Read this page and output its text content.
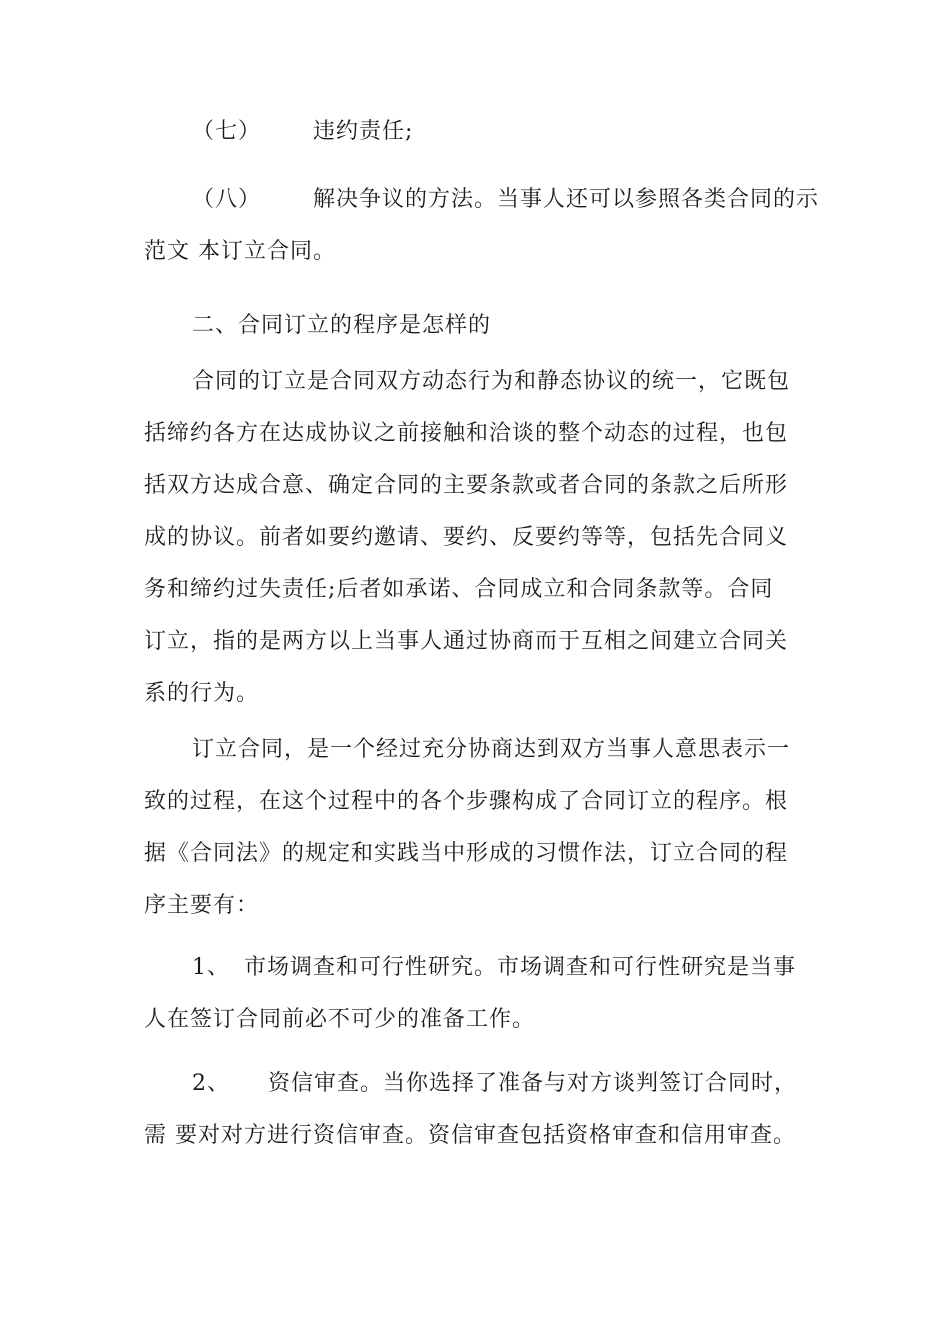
（七） 违约责任;
（八） 解决争议的方法。当事人还可以参照各类合同的示
范文 本订立合同。
二、合同订立的程序是怎样的
合同的订立是合同双方动态行为和静态协议的统一，它既包
括缔约各方在达成协议之前接触和洽谈的整个动态的过程，也包
括双方达成合意、确定合同的主要条款或者合同的条款之后所形
成的协议。前者如要约邀请、要约、反要约等等，包括先合同义
务和缔约过失责任;后者如承诺、合同成立和合同条款等。合同
订立，指的是两方以上当事人通过协商而于互相之间建立合同关
系的行为。
订立合同，是一个经过充分协商达到双方当事人意思表示一
致的过程，在这个过程中的各个步骤构成了合同订立的程序。根
据《合同法》的规定和实践当中形成的习惯作法，订立合同的程
序主要有：
1、 市场调查和可行性研究。市场调查和可行性研究是当事
人在签订合同前必不可少的准备工作。
2、 资信审查。当你选择了准备与对方谈判签订合同时，
需 要对对方进行资信审查。资信审查包括资格审查和信用审查。
